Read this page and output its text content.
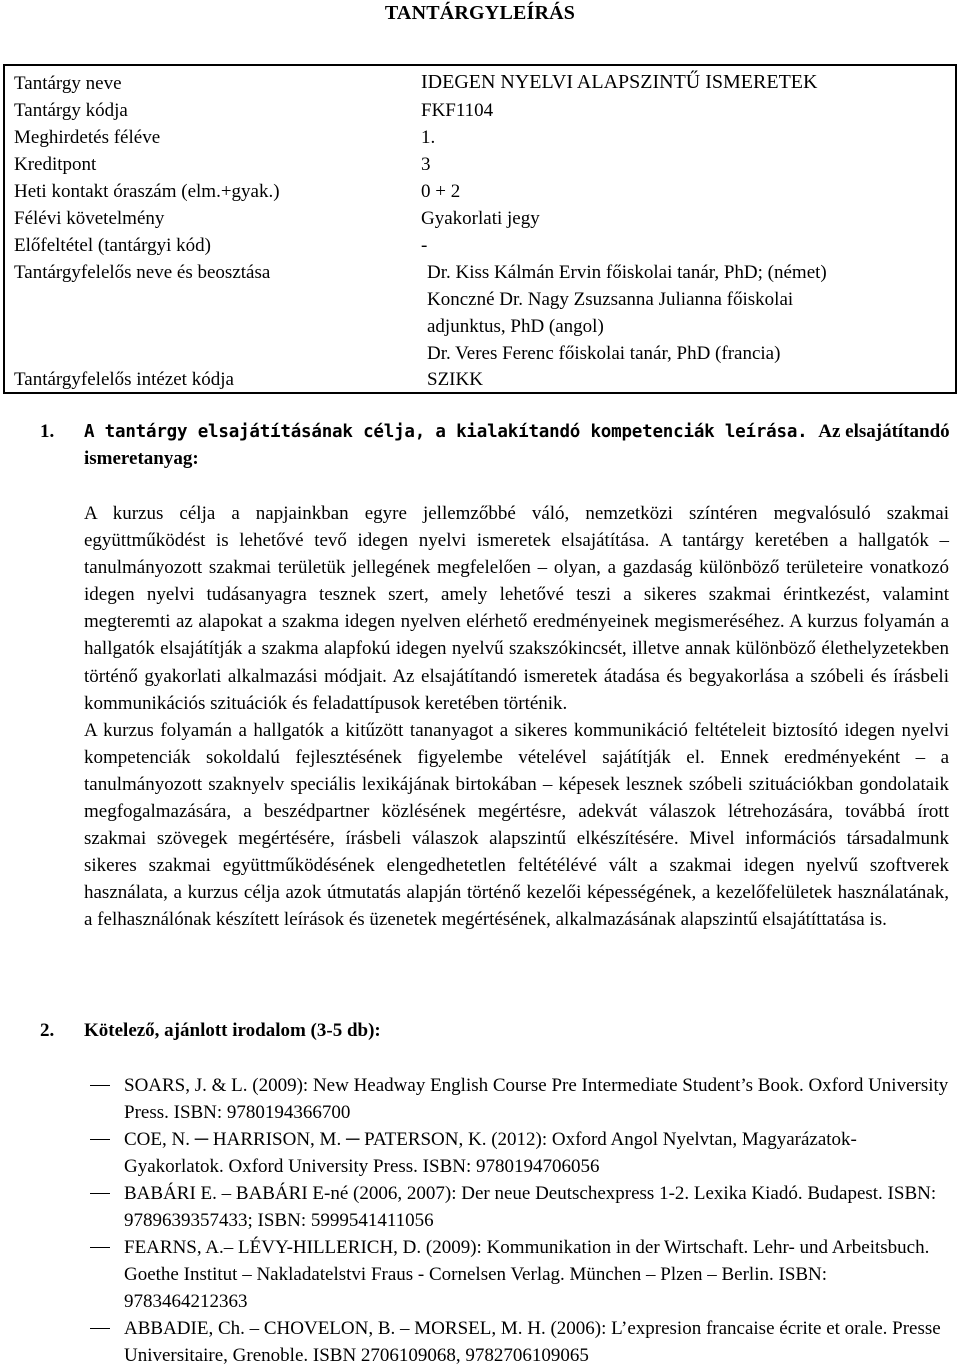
TANTÁRGYLEÍRÁS
Tantárgy neve	IDEGEN NYELVI ALAPSZINTŰ ISMERETEK
Tantárgy kódja	FKF1104
Meghirdetés féléve	1.
Kreditpont	3
Heti kontakt óraszám (elm.+gyak.)	0 + 2
Félévi követelmény	Gyakorlati jegy
Előfeltétel (tantárgyi kód)	-
Tantárgyfelelős neve és beosztása	Dr. Kiss Kálmán Ervin főiskolai tanár, PhD; (német)
Konczné Dr. Nagy Zsuzsanna Julianna főiskolai
adjunktus, PhD (angol)
Dr. Veres Ferenc főiskolai tanár, PhD (francia)
Tantárgyfelelős intézet kódja	SZIKK
1. A tantárgy elsajátításának célja, a kialakítandó kompetenciák leírása. Az elsajátítandó
ismeretanyag:

A kurzus célja a napjainkban egyre jellemzőbbé váló, nemzetközi színtéren megvalósuló szakmai együttműködést is lehetővé tevő idegen nyelvi ismeretek elsajátítása. A tantárgy keretében a hallgatók – tanulmányozott szakmai területük jellegének megfelelően – olyan, a gazdaság különböző területeire vonatkozó idegen nyelvi tudásanyagra tesznek szert, amely lehetővé teszi a sikeres szakmai érintkezést, valamint megteremti az alapokat a szakma idegen nyelven elérhető eredményeinek megismeréséhez. A kurzus folyamán a hallgatók elsajátítják a szakma alapfokú idegen nyelvű szakszókincsét, illetve annak különböző élethelyzetekben történő gyakorlati alkalmazási módjait. Az elsajátítandó ismeretek átadása és begyakorlása a szóbeli és írásbeli kommunikációs szituációk és feladattípusok keretében történik.

A kurzus folyamán a hallgatók a kitűzött tananyagot a sikeres kommunikáció feltételeit biztosító idegen nyelvi kompetenciák sokoldalú fejlesztésének figyelembe vételével sajátítják el. Ennek eredményeként – a tanulmányozott szaknyelv speciális lexikájának birtokában – képesek lesznek szóbeli szituációkban gondolataik megfogalmazására, a beszédpartner közlésének megértésre, adekvát válaszok létrehozására, továbbá írott szakmai szövegek megértésére, írásbeli válaszok alapszintű elkészítésére. Mivel információs társadalmunk sikeres szakmai együttműködésének elengedhetetlen feltétélévé vált a szakmai idegen nyelvű szoftverek használata, a kurzus célja azok útmutatás alapján történő kezelői képességének, a kezelőfelületek használatának, a felhasználónak készített leírások és üzenetek megértésének, alkalmazásának alapszintű elsajátíttatása is.

2. Kötelező, ajánlott irodalom (3-5 db):
SOARS, J. & L. (2009): New Headway English Course Pre Intermediate Student’s Book. Oxford University Press. ISBN: 9780194366700
COE, N. ─ HARRISON, M. ─ PATERSON, K. (2012): Oxford Angol Nyelvtan, Magyarázatok-Gyakorlatok. Oxford University Press. ISBN: 9780194706056
BABÁRI E. – BABÁRI E-né (2006, 2007): Der neue Deutschexpress 1-2. Lexika Kiadó. Budapest. ISBN: 9789639357433; ISBN: 5999541411056
FEARNS, A.– LÉVY-HILLERICH, D. (2009): Kommunikation in der Wirtschaft. Lehr- und Arbeitsbuch. Goethe Institut – Nakladatelstvi Fraus - Cornelsen Verlag. München – Plzen – Berlin. ISBN: 9783464212363
ABBADIE, Ch. – CHOVELON, B. – MORSEL, M. H. (2006): L’expresion francaise écrite et orale. Presse Universitaire, Grenoble. ISBN 2706109068, 9782706109065
